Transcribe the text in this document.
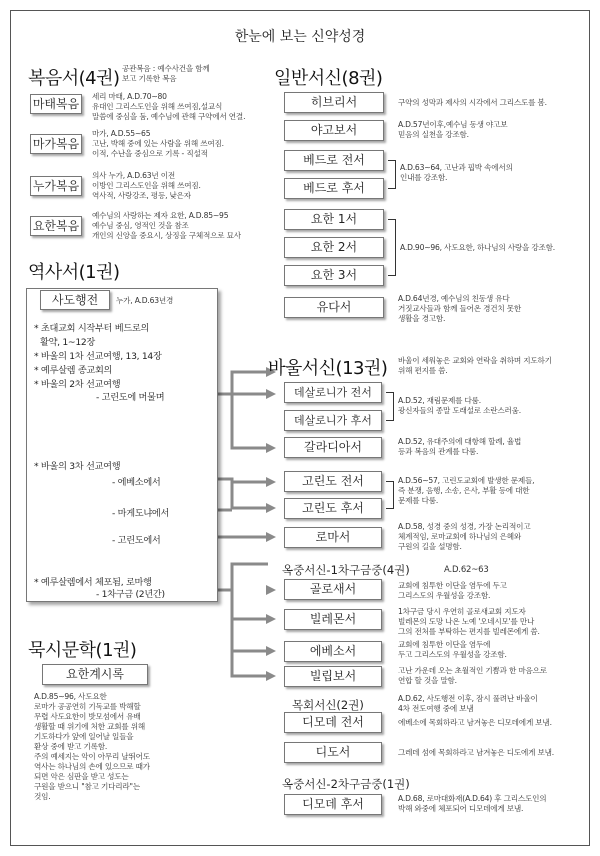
한눈에 보는 신약성경
복음서(4권) 공관복음 : 예수사건을 함께
보고 기록한 복음
마태복음
세리 마태, A.D.70~80
유대인 그리스도인을 위해 쓰여짐,설교식
말씀에 중심을 둠, 예수님에 관해 구약에서 연결.
마가복음
마가, A.D.55~65
고난, 박해 중에 있는 사람을 위해 쓰여짐.
이적, 수난을 중심으로 기록 - 직설적
누가복음
의사 누가, A.D.63년 이전
이방인 그리스도인을 위해 쓰여짐.
역사적, 사랑강조, 평등, 낮은자
요한복음
예수님의 사랑하는 제자 요한, A.D.85~95
예수님 중심, 영적인 것을 참조
개인의 신앙을 중요시, 상징을 구체적으로 묘사
역사서(1권)
사도행전	누가, A.D.63년경
* 초대교회 시작부터 베드로의
활약, 1~12장
* 바울의 1차 선교여행, 13, 14장
* 예루살렘 종교회의
* 바울의 2차 선교여행
- 고린도에 머물며
* 바울의 3차 선교여행
- 에베소에서
- 마게도냐에서
- 고린도에서
* 예루살렘에서 체포됨, 로마행
- 1차구금 (2년간)
묵시문학(1권)
요한계시록
A.D.85~96, 사도요한
로마가 공공연히 기독교를 박해할
무렵 사도요한이 밧모섬에서 유배
생활할 때 위기에 처한 교회를 위해
기도하다가 앞에 일어날 일들을
환상 중에 받고 기록함.
주의 예세지는 악이 아무리 날뛰어도
역사는 하나님의 손에 있으므로 때가
되면 악은 심판을 받고 성도는
구원을 받으니 "참고 기다리라"는
것임.
일반서신(8권)
히브리서	구약의 성막과 제사의 시각에서 그리스도를 봄.
야고보서	A.D.57년이후,예수님 동생 야고보
믿음의 실천을 강조함.
베드로 전서
베드로 후서
A.D.63~64, 고난과 핍박 속에서의
인내를 강조함.
요한 1서
요한 2서
요한 3서
A.D.90~96, 사도요한, 하나님의 사랑을 강조함.
유다서
A.D.64년경, 예수님의 친동생 유다
거짓교사들과 함께 들어온 경건치 못한
생활을 경고함.
바울서신(13권) 바울이 세워놓은 교회와 연락을 취하며 지도하기
위해 편지를 씀.
데살로니가 전서
데살로니가 후서
A.D.52, 재림문제를 다룸.
광신자들의 종말 도래설로 소란스러움.
갈라디아서	A.D.52, 유대주의에 대항해 할례, 율법
등과 복음의 관계를 다룸.
고린도 전서
고린도 후서
A.D.56~57, 고린도교회에 발생한 문제들,
즉 분쟁, 음행, 소송, 은사, 부활 등에 대한
문제를 다룸.
로마서
A.D.58, 성경 중의 성경, 가장 논리적이고
체계적임, 로마교회에 하나님의 은혜와
구원의 길을 설명함.
옥중서신-1차구금중(4권)	A.D.62~63
골로새서	교회에 침투한 이단을 염두에 두고
그리스도의 우월성을 강조함.
빌레몬서
1차구금 당시 우연히 골로새교회 지도자
빌레몬의 도망 나온 노예 '오네시모'를 만나
그의 전처를 부탁하는 편지를 빌레몬에게 씀.
에베소서	교회에 침투한 이단을 염두에
두고 그리스도의 우월성을 강조함.
빌립보서	고난 가운데 오는 초월적인 기쁨과 한 마음으로
연합 할 것을 말함.
목회서신(2권)	A.D.62, 사도행전 이후, 잠시 풀려난 바울이
4차 전도여행 중에 보냄
디모데 전서	에베소에 목회하라고 남겨놓은 디모데에게 보냄.
디도서	그레데 섬에 목회하라고 남겨놓은 디도에게 보냄.
옥중서신-2차구금중(1권)
디모데 후서	A.D.68, 로마대화재(A.D.64) 후 그리스도인의
박해 와중에 체포되어 디모데에게 보냄.
